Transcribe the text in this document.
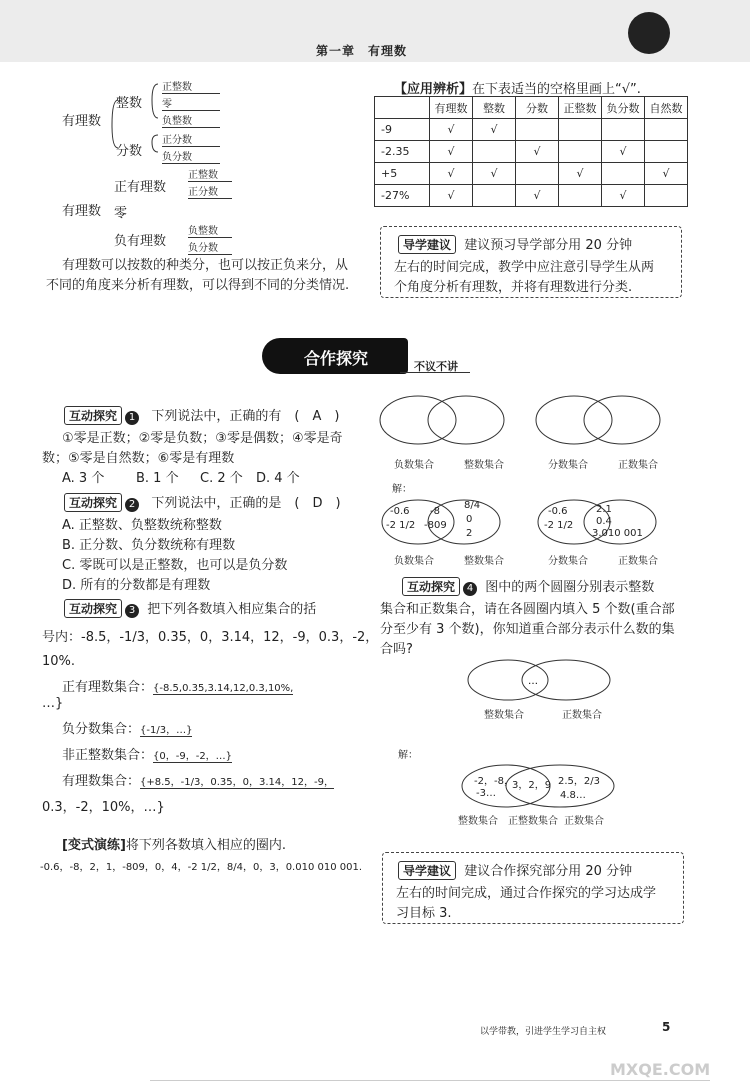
第一章　有理数
有理数
整数
分数
正整数
零
负整数
正分数
负分数
有理数
正有理数
零
负有理数
正整数
正分数
负整数
负分数
有理数可以按数的种类分，也可以按正负来分，从
不同的角度来分析有理数，可以得到不同的分类情况.
【应用辨析】在下表适当的空格里画上“√”.
	有理数	整数	分数	正整数	负分数	自然数
-9	√	√				
-2.35	√		√		√	
+5	√	√		√		√
-27%	√		√		√	
导学建议 建议预习导学部分用 20 分钟
左右的时间完成，教学中应注意引导学生从两
个角度分析有理数，并将有理数进行分类.
合作探究	不议不讲
互动探究 1 下列说法中，正确的有　(　A　)
①零是正数；②零是负数；③零是偶数；④零是奇
数；⑤零是自然数；⑥零是有理数
A. 3 个 B. 1 个 C. 2 个 D. 4 个
互动探究 2 下列说法中，正确的是　(　D　)
A. 正整数、负整数统称整数
B. 正分数、负分数统称有理数
C. 零既可以是正整数，也可以是负分数
D. 所有的分数都是有理数
互动探究 3 把下列各数填入相应集合的括
号内：-8.5，-1/3，0.35，0，3.14，12，-9，0.3，-2，
10%.
正有理数集合：{-8.5,0.35,3.14,12,0.3,10%,
…}
负分数集合：{-1/3，…}
非正整数集合：{0，-9，-2，…}
有理数集合：{+8.5，-1/3，0.35，0，3.14，12，-9，
0.3，-2，10%，…}
[变式演练]将下列各数填入相应的圈内.
-0.6，-8，2，1，-809，0，4，-2 1/2，8/4，0，3，0.010 010 001.
负数集合	整数集合	分数集合	正数集合
解：
-0.6
-2 1/2
-8
-809
8/4
0
2
-0.6
-2 1/2
2.1
0.4
3.010 001
负数集合	整数集合	分数集合	正数集合
互动探究 4 图中的两个圆圈分别表示整数
集合和正数集合，请在各圆圈内填入 5 个数(重合部
分至少有 3 个数)，你知道重合部分表示什么数的集
合吗?
…
整数集合	正数集合
解：
-2，-8，
-3…
3，2，9 2.5，2/3
4.8…
整数集合 正整数集合 正数集合
导学建议 建议合作探究部分用 20 分钟
左右的时间完成，通过合作探究的学习达成学
习目标 3.
以学带教，引进学生学习自主权	5
MXQE.COM
